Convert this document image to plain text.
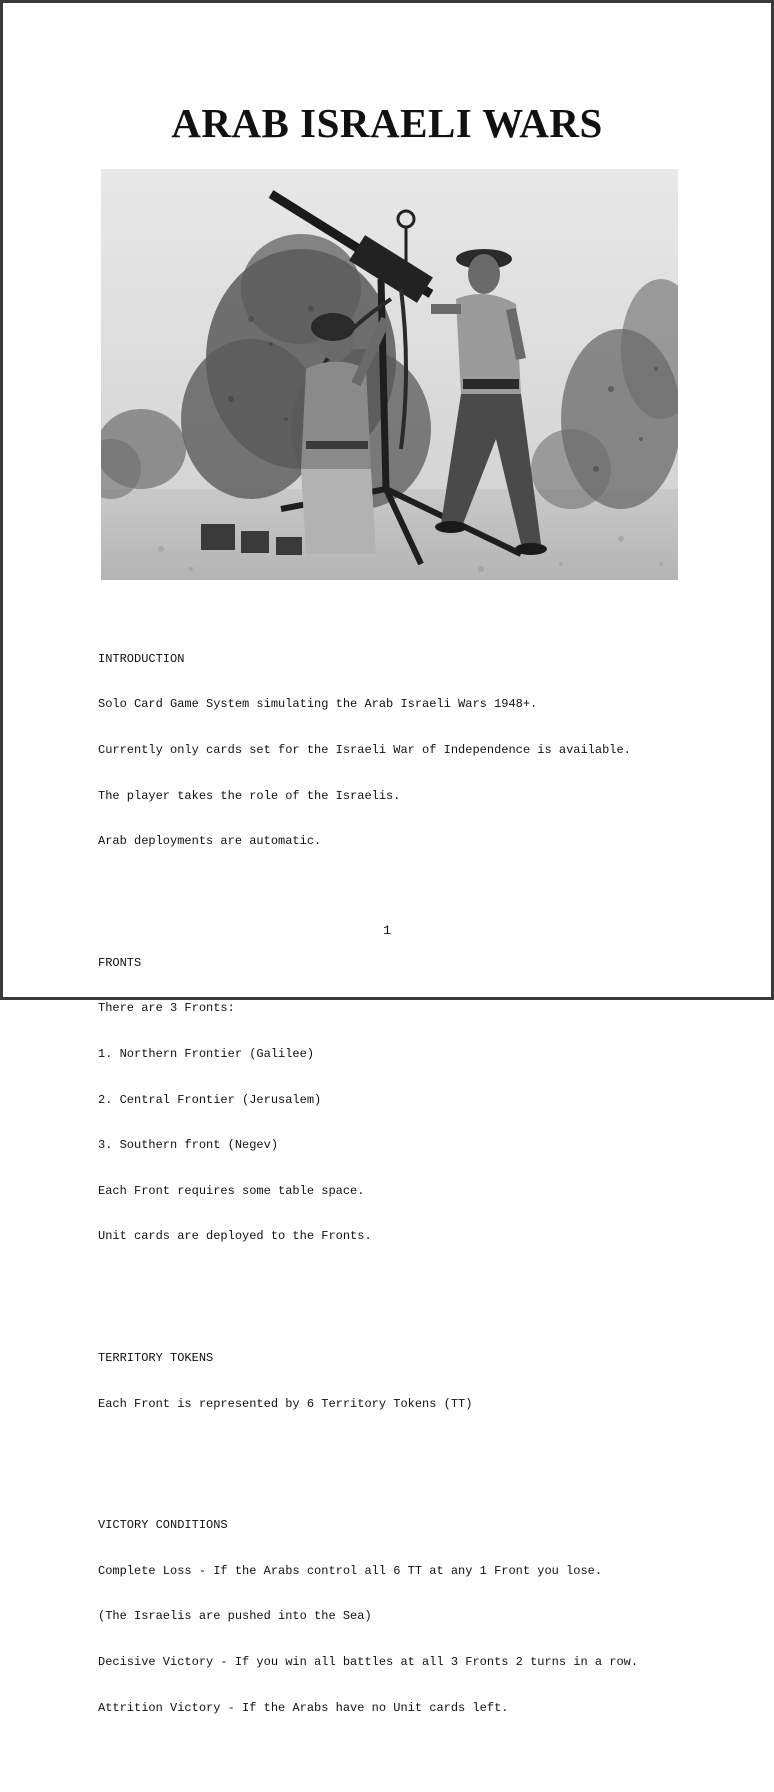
ARAB ISRAELI WARS

INTRODUCTION

Solo Card Game System simulating the Arab Israeli Wars 1948+.

Currently only cards set for the Israeli War of Independence is available.

The player takes the role of the Israelis.

Arab deployments are automatic.

FRONTS

There are 3 Fronts:

1. Northern Frontier (Galilee)

2. Central Frontier (Jerusalem)

3. Southern front (Negev)

Each Front requires some table space.

Unit cards are deployed to the Fronts.

TERRITORY TOKENS

Each Front is represented by 6 Territory Tokens (TT)

VICTORY CONDITIONS

Complete Loss - If the Arabs control all 6 TT at any 1 Front you lose.

(The Israelis are pushed into the Sea)

Decisive Victory - If you win all battles at all 3 Fronts 2 turns in a row.

Attrition Victory - If the Arabs have no Unit cards left.

1
